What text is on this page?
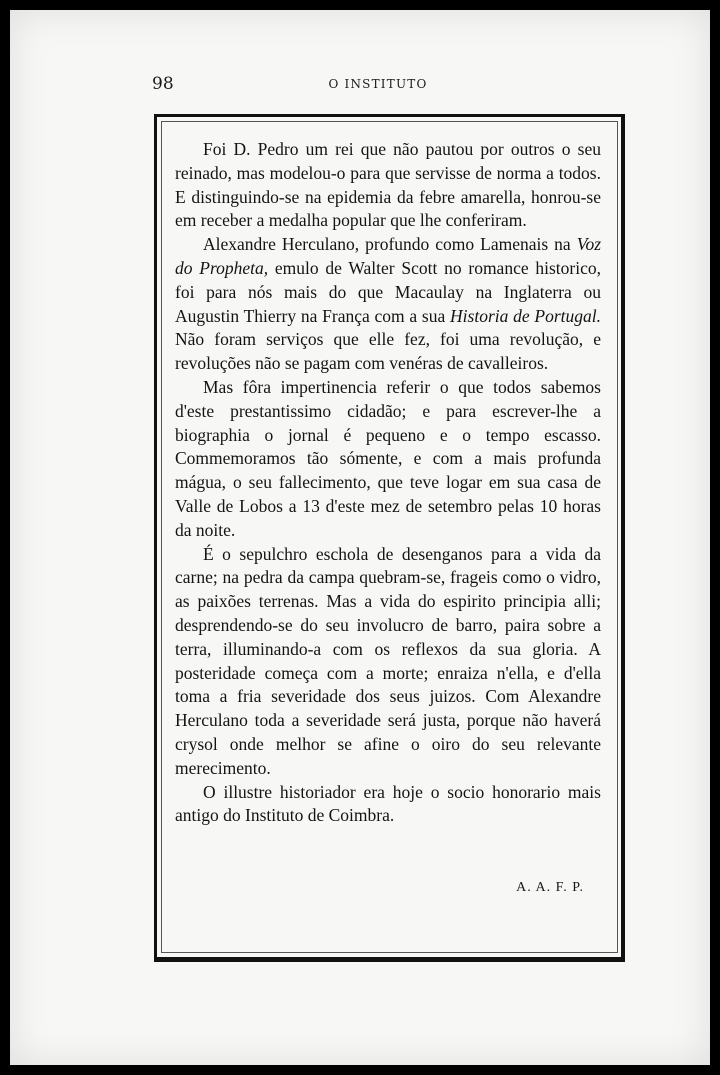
98	O INSTITUTO

Foi D. Pedro um rei que não pautou por outros o seu reinado, mas modelou-o para que servisse de norma a todos. E distinguindo-se na epidemia da febre amarella, honrou-se em receber a medalha popular que lhe conferiram.

Alexandre Herculano, profundo como Lamenais na Voz do Propheta, emulo de Walter Scott no romance historico, foi para nós mais do que Macaulay na Inglaterra ou Augustin Thierry na França com a sua Historia de Portugal. Não foram serviços que elle fez, foi uma revolução, e revoluções não se pagam com venéras de cavalleiros.

Mas fôra impertinencia referir o que todos sabemos d'este prestantissimo cidadão; e para escrever-lhe a biographia o jornal é pequeno e o tempo escasso. Commemoramos tão sómente, e com a mais profunda mágua, o seu fallecimento, que teve logar em sua casa de Valle de Lobos a 13 d'este mez de setembro pelas 10 horas da noite.

É o sepulchro eschola de desenganos para a vida da carne; na pedra da campa quebram-se, frageis como o vidro, as paixões terrenas. Mas a vida do espirito principia alli; desprendendo-se do seu involucro de barro, paira sobre a terra, illuminando-a com os reflexos da sua gloria. A posteridade começa com a morte; enraiza n'ella, e d'ella toma a fria severidade dos seus juizos. Com Alexandre Herculano toda a severidade será justa, porque não haverá crysol onde melhor se afine o oiro do seu relevante merecimento.

O illustre historiador era hoje o socio honorario mais antigo do Instituto de Coimbra.

A. A. F. P.
